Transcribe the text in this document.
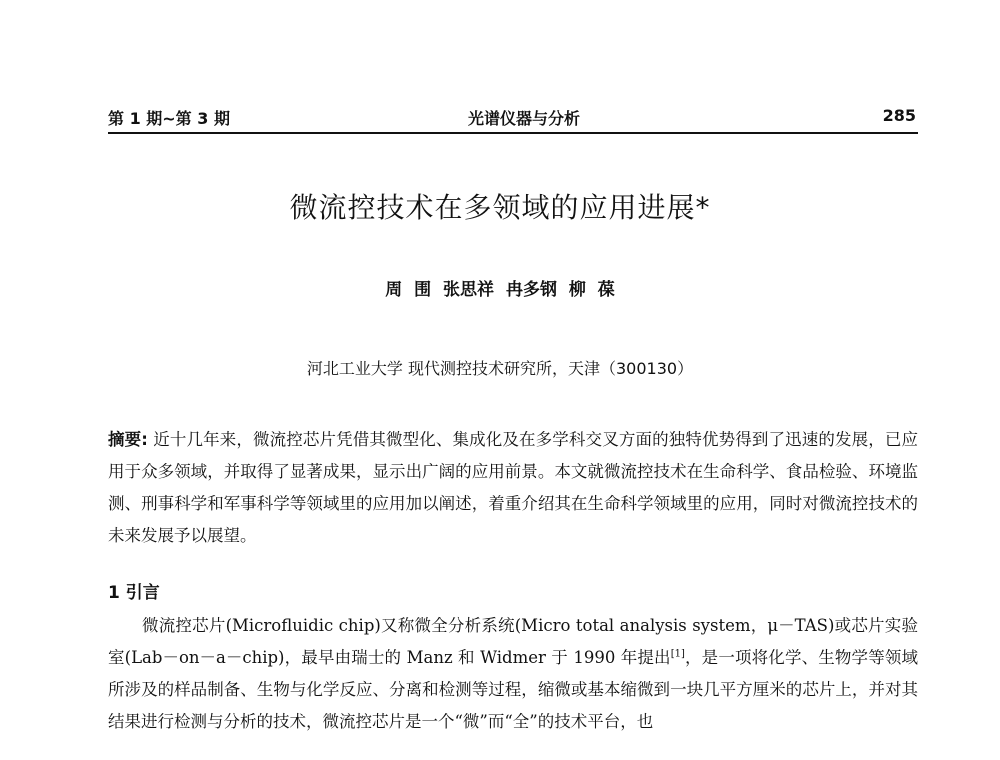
第 1 期~第 3 期	光谱仪器与分析	285
微流控技术在多领域的应用进展*
周 围 张思祥 冉多钢 柳 葆
河北工业大学 现代测控技术研究所，天津（300130）
摘要: 近十几年来，微流控芯片凭借其微型化、集成化及在多学科交叉方面的独特优势得到了迅速的发展，已应用于众多领域，并取得了显著成果，显示出广阔的应用前景。本文就微流控技术在生命科学、食品检验、环境监测、刑事科学和军事科学等领域里的应用加以阐述，着重介绍其在生命科学领域里的应用，同时对微流控技术的未来发展予以展望。
1 引言
微流控芯片(Microfluidic chip)又称微全分析系统(Micro total analysis system，μ－TAS)或芯片实验室(Lab－on－a－chip)，最早由瑞士的 Manz 和 Widmer 于 1990 年提出[1]，是一项将化学、生物学等领域所涉及的样品制备、生物与化学反应、分离和检测等过程，缩微或基本缩微到一块几平方厘米的芯片上，并对其结果进行检测与分析的技术，微流控芯片是一个“微”而“全”的技术平台，也
